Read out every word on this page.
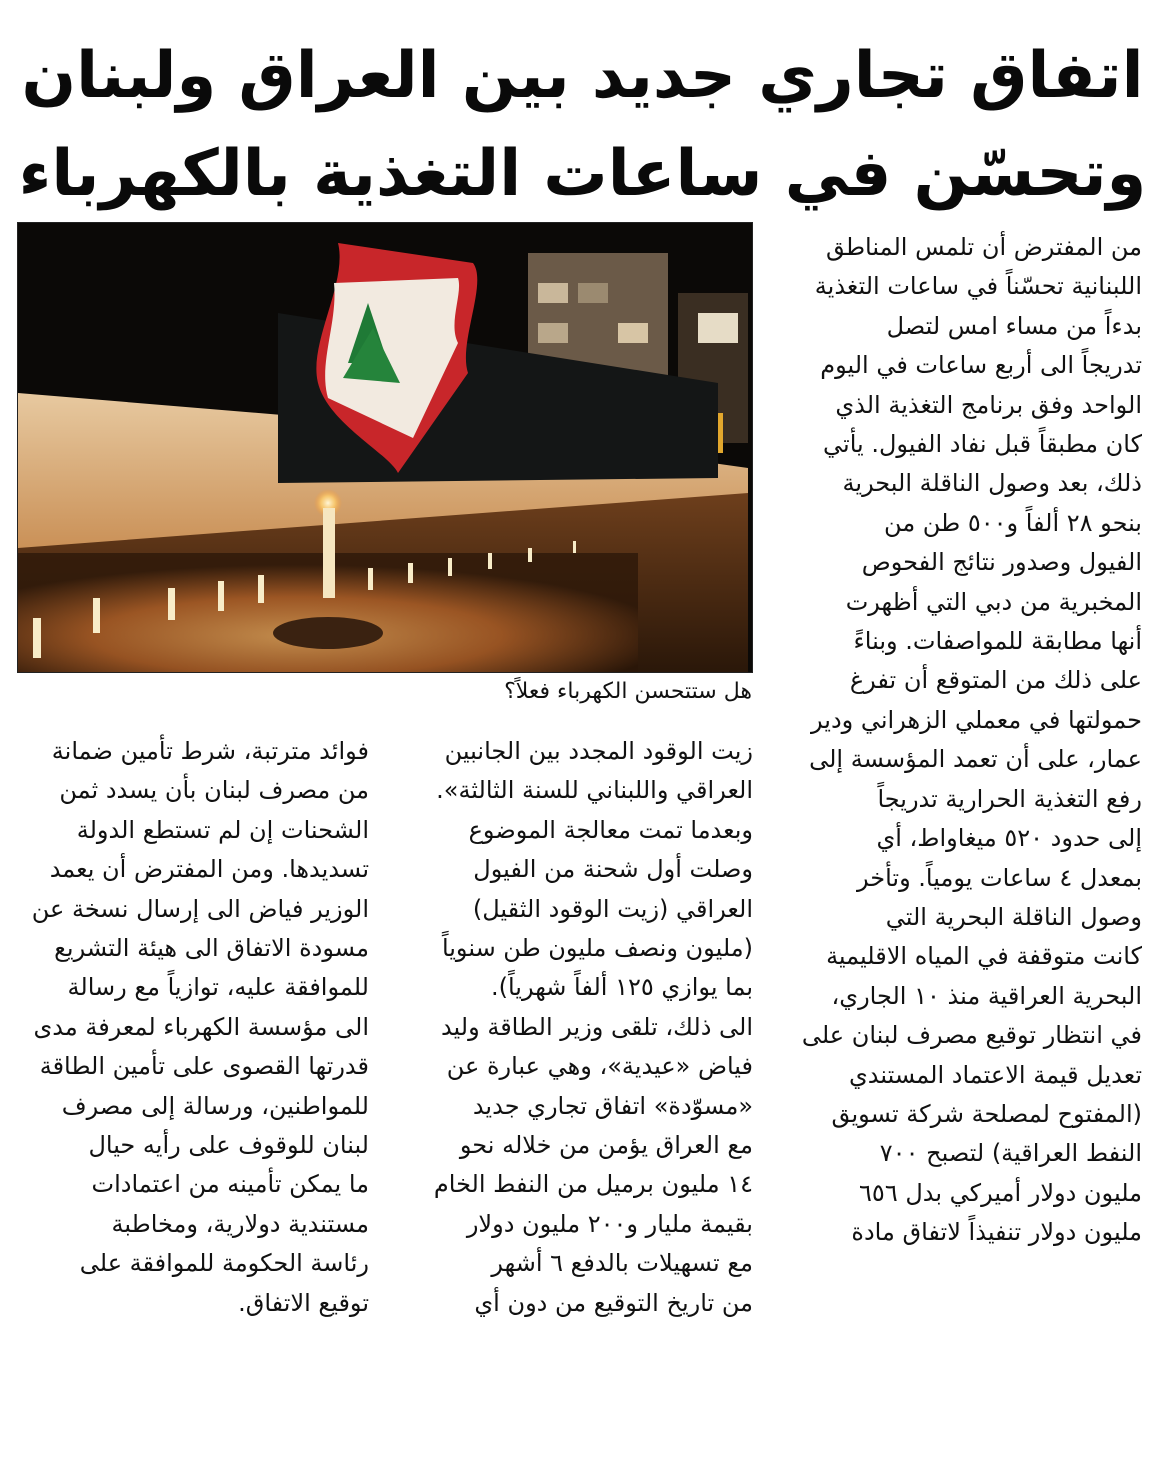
اتفاق تجاري جديد بين العراق ولبنان
وتحسّن في ساعات التغذية بالكهرباء
من المفترض أن تلمس المناطق
اللبنانية تحسّناً في ساعات التغذية
بدءاً من مساء امس لتصل
تدريجاً الى أربع ساعات في اليوم
الواحد وفق برنامج التغذية الذي
كان مطبقاً قبل نفاد الفيول. يأتي
ذلك، بعد وصول الناقلة البحرية
بنحو ٢٨ ألفاً و٥٠٠ طن من
الفيول وصدور نتائج الفحوص
المخبرية من دبي التي أظهرت
أنها مطابقة للمواصفات. وبناءً
على ذلك من المتوقع أن تفرغ
حمولتها في معملي الزهراني ودير
عمار، على أن تعمد المؤسسة إلى
رفع التغذية الحرارية تدريجاً
إلى حدود ٥٢٠ ميغاواط، أي
بمعدل ٤ ساعات يومياً. وتأخر
وصول الناقلة البحرية التي
كانت متوقفة في المياه الاقليمية
البحرية العراقية منذ ١٠ الجاري،
في انتظار توقيع مصرف لبنان على
تعديل قيمة الاعتماد المستندي
(المفتوح لمصلحة شركة تسويق
النفط العراقية) لتصبح ٧٠٠
مليون دولار أميركي بدل ٦٥٦
مليون دولار تنفيذاً لاتفاق مادة
هل ستتحسن الكهرباء فعلاً؟
زيت الوقود المجدد بين الجانبين
العراقي واللبناني للسنة الثالثة».
وبعدما تمت معالجة الموضوع
وصلت أول شحنة من الفيول
العراقي (زيت الوقود الثقيل)
(مليون ونصف مليون طن سنوياً
بما يوازي ١٢٥ ألفاً شهرياً).
الى ذلك، تلقى وزير الطاقة وليد
فياض «عيدية»، وهي عبارة عن
«مسوّدة» اتفاق تجاري جديد
مع العراق يؤمن من خلاله نحو
١٤ مليون برميل من النفط الخام
بقيمة مليار و٢٠٠ مليون دولار
مع تسهيلات بالدفع ٦ أشهر
من تاريخ التوقيع من دون أي
فوائد مترتبة، شرط تأمين ضمانة
من مصرف لبنان بأن يسدد ثمن
الشحنات إن لم تستطع الدولة
تسديدها. ومن المفترض أن يعمد
الوزير فياض الى إرسال نسخة عن
مسودة الاتفاق الى هيئة التشريع
للموافقة عليه، توازياً مع رسالة
الى مؤسسة الكهرباء لمعرفة مدى
قدرتها القصوى على تأمين الطاقة
للمواطنين، ورسالة إلى مصرف
لبنان للوقوف على رأيه حيال
ما يمكن تأمينه من اعتمادات
مستندية دولارية، ومخاطبة
رئاسة الحكومة للموافقة على
توقيع الاتفاق.
